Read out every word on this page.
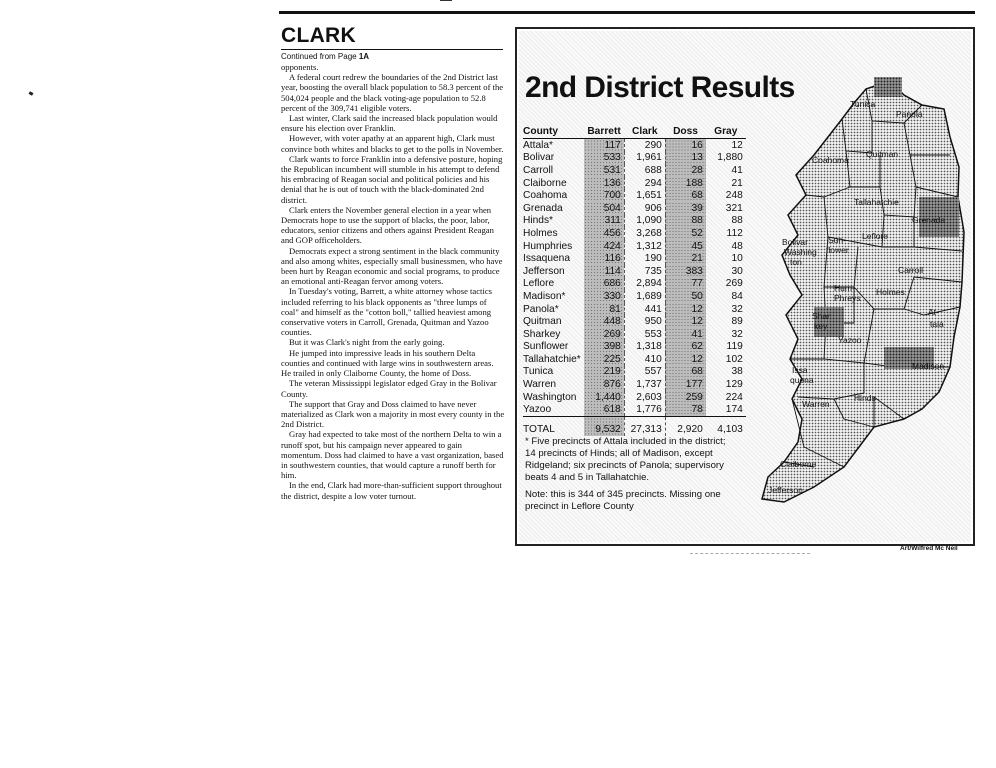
CLARK
Continued from Page 1A

opponents.

A federal court redrew the boundaries of the 2nd District last year, boosting the overall black population to 58.3 percent of the 504,024 people and the black voting-age population to 52.8 percent of the 309,741 eligible voters.

Last winter, Clark said the increased black population would ensure his election over Franklin.

However, with voter apathy at an apparent high, Clark must convince both whites and blacks to get to the polls in November.

Clark wants to force Franklin into a defensive posture, hoping the Republican incumbent will stumble in his attempt to defend his embracing of Reagan social and political policies and his denial that he is out of touch with the black-dominated 2nd district.

Clark enters the November general election in a year when Democrats hope to use the support of blacks, the poor, labor, educators, senior citizens and others against President Reagan and GOP officeholders.

Democrats expect a strong sentiment in the black community and also among whites, especially small businessmen, who have been hurt by Reagan economic and social programs, to produce an emotional anti-Reagan fervor among voters.

In Tuesday's voting, Barrett, a white attorney whose tactics included referring to his black opponents as "three lumps of coal" and himself as the "cotton boll," tallied heaviest among conservative voters in Carroll, Grenada, Quitman and Yazoo counties.

But it was Clark's night from the early going.

He jumped into impressive leads in his southern Delta counties and continued with large wins in southwestern areas. He trailed in only Claiborne County, the home of Doss.

The veteran Mississippi legislator edged Gray in the Bolivar County.

The support that Gray and Doss claimed to have never materialized as Clark won a majority in most every county in the 2nd District.

Gray had expected to take most of the northern Delta to win a runoff spot, but his campaign never appeared to gain momentum. Doss had claimed to have a vast organization, based in southwestern counties, that would capture a runoff berth for him.

In the end, Clark had more-than-sufficient support throughout the district, despite a low voter turnout.

2nd District Results
County	Barrett	Clark	Doss	Gray
Attala*	117	290	16	12
Bolivar	533	1,961	13	1,880
Carroll	531	688	28	41
Claiborne	136	294	188	21
Coahoma	700	1,651	68	248
Grenada	504	906	39	321
Hinds*	311	1,090	88	88
Holmes	456	3,268	52	112
Humphries	424	1,312	45	48
Issaquena	116	190	21	10
Jefferson	114	735	383	30
Leflore	686	2,894	77	269
Madison*	330	1,689	50	84
Panola*	81	441	12	32
Quitman	448	950	12	89
Sharkey	269	553	41	32
Sunflower	398	1,318	62	119
Tallahatchie*	225	410	12	102
Tunica	219	557	68	38
Warren	876	1,737	177	129
Washington	1,440	2,603	259	224
Yazoo	618	1,776	78	174
TOTAL	9,532	27,313	2,920	4,103

* Five precincts of Attala included in the district; 14 precincts of Hinds; all of Madison, except Ridgeland; six precincts of Panola; supervisory beats 4 and 5 in Tallahatchie.

Note: this is 344 of 345 precincts. Missing one precinct in Leflore County

Tunica
Panola
Coahoma
Quitman
Tallahatchie
Grenada
Bolivar Sun-
flower
Leflore
Washing
ton
Carroll
Hum-
Phreys
Holmes
At-
tala
Shar
key
Yazoo
Issa
quena
Madison
Warren
Hinds
Claiborne
Jefferson
Art/Wilfred Mc Neil
